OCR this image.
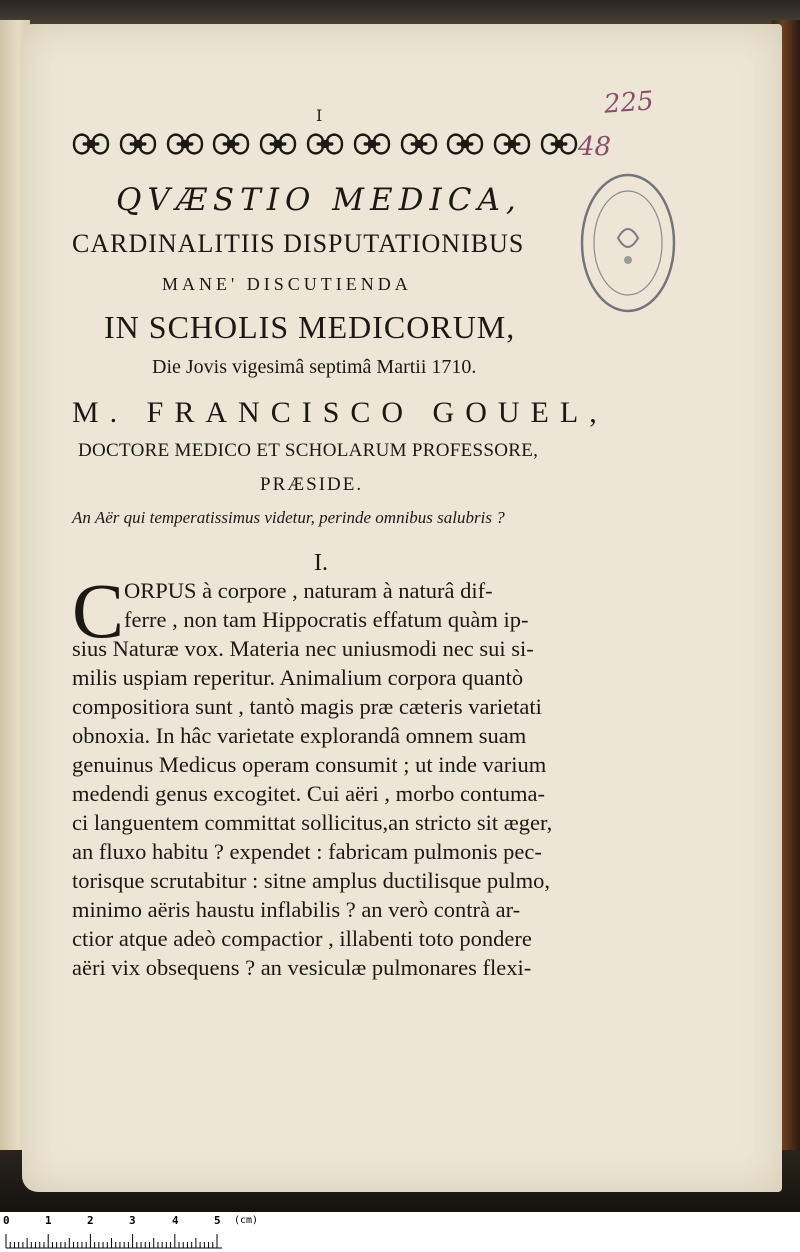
I	225
48
QVÆSTIO MEDICA,
CARDINALITIIS DISPUTATIONIBUS
MANE' DISCUTIENDA
IN SCHOLIS MEDICORUM,
Die Jovis vigesimâ septimâ Martii 1710.
M. FRANCISCO GOUEL,
DOCTORE MEDICO ET SCHOLARUM PROFESSORE,
PRÆSIDE.
An Aër qui temperatissimus videtur, perinde omnibus salubris ?
I.
C ORPUS à corpore , naturam à naturâ dif-
ferre , non tam Hippocratis effatum quàm ip-
sius Naturæ vox. Materia nec uniusmodi nec sui si-
milis uspiam reperitur. Animalium corpora quantò
compositiora sunt , tantò magis præ cæteris varietati
obnoxia. In hâc varietate explorandâ omnem suam
genuinus Medicus operam consumit ; ut inde varium
medendi genus excogitet. Cui aëri , morbo contuma-
ci languentem committat sollicitus,an stricto sit æger,
an fluxo habitu ? expendet : fabricam pulmonis pec-
torisque scrutabitur : sitne amplus ductilisque pulmo,
minimo aëris haustu inflabilis ? an verò contrà ar-
ctior atque adeò compactior , illabenti toto pondere
aëri vix obsequens ? an vesiculæ pulmonares flexi-
0	1	2	3	4	5 (cm)
